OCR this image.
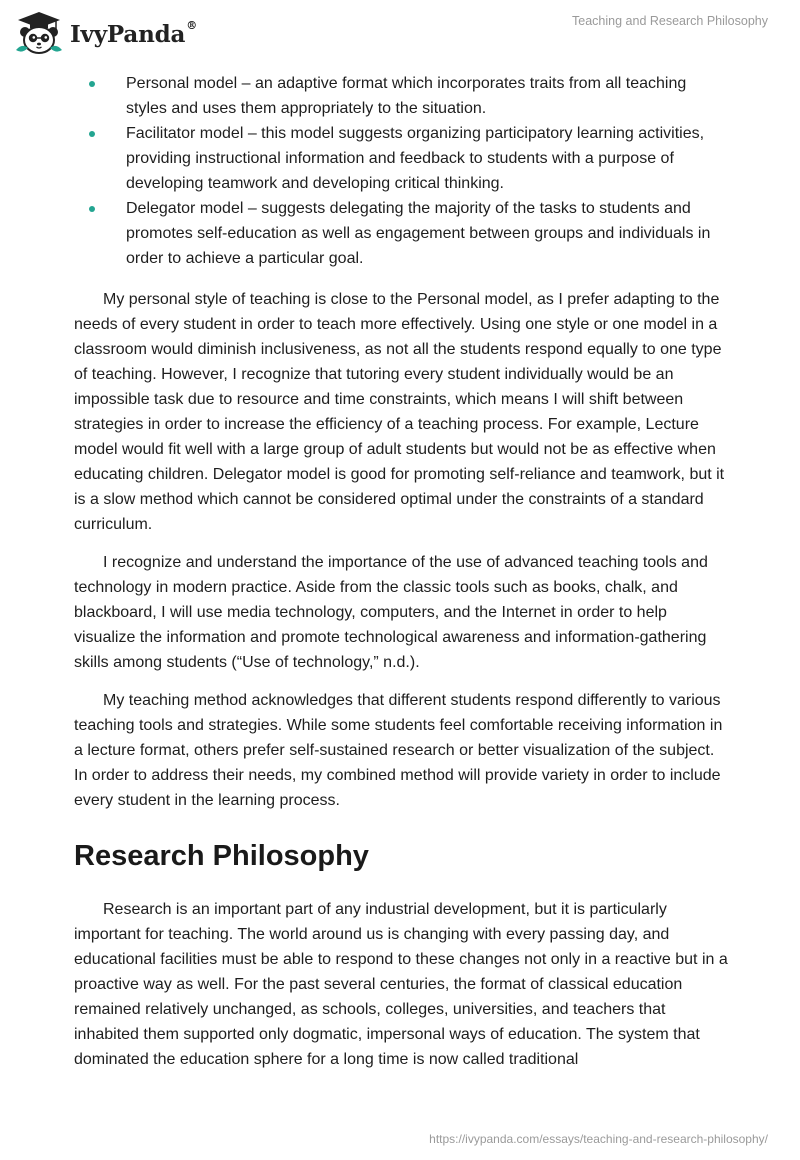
IvyPanda®	Teaching and Research Philosophy
Personal model – an adaptive format which incorporates traits from all teaching styles and uses them appropriately to the situation.
Facilitator model – this model suggests organizing participatory learning activities, providing instructional information and feedback to students with a purpose of developing teamwork and developing critical thinking.
Delegator model – suggests delegating the majority of the tasks to students and promotes self-education as well as engagement between groups and individuals in order to achieve a particular goal.

My personal style of teaching is close to the Personal model, as I prefer adapting to the needs of every student in order to teach more effectively. Using one style or one model in a classroom would diminish inclusiveness, as not all the students respond equally to one type of teaching. However, I recognize that tutoring every student individually would be an impossible task due to resource and time constraints, which means I will shift between strategies in order to increase the efficiency of a teaching process. For example, Lecture model would fit well with a large group of adult students but would not be as effective when educating children. Delegator model is good for promoting self-reliance and teamwork, but it is a slow method which cannot be considered optimal under the constraints of a standard curriculum.

I recognize and understand the importance of the use of advanced teaching tools and technology in modern practice. Aside from the classic tools such as books, chalk, and blackboard, I will use media technology, computers, and the Internet in order to help visualize the information and promote technological awareness and information-gathering skills among students (“Use of technology,” n.d.).

My teaching method acknowledges that different students respond differently to various teaching tools and strategies. While some students feel comfortable receiving information in a lecture format, others prefer self-sustained research or better visualization of the subject. In order to address their needs, my combined method will provide variety in order to include every student in the learning process.

Research Philosophy

Research is an important part of any industrial development, but it is particularly important for teaching. The world around us is changing with every passing day, and educational facilities must be able to respond to these changes not only in a reactive but in a proactive way as well. For the past several centuries, the format of classical education remained relatively unchanged, as schools, colleges, universities, and teachers that inhabited them supported only dogmatic, impersonal ways of education. The system that dominated the education sphere for a long time is now called traditional

https://ivypanda.com/essays/teaching-and-research-philosophy/
